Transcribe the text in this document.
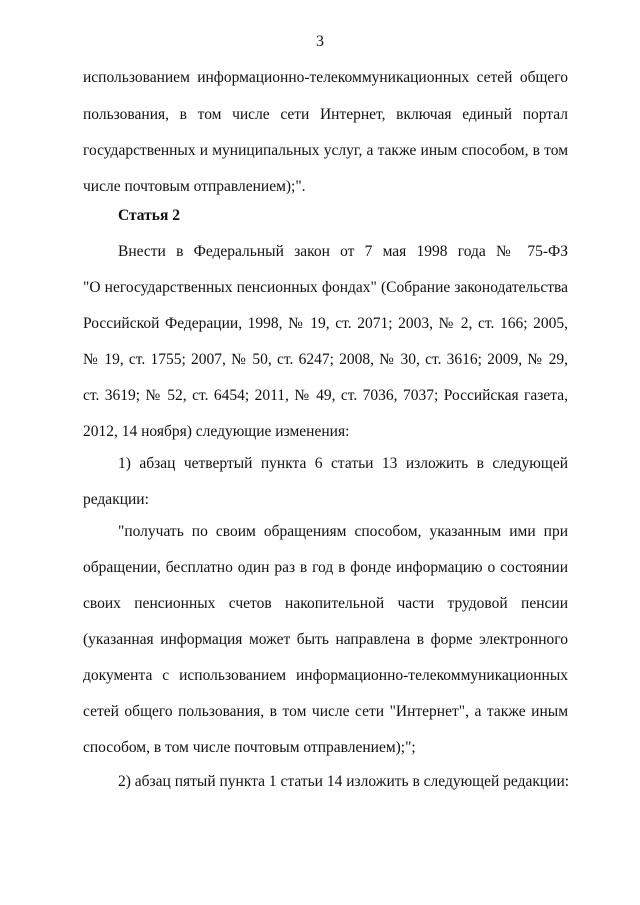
3
использованием информационно-телекоммуникационных сетей общего
пользования, в том числе сети Интернет, включая единый портал
государственных и муниципальных услуг, а также иным способом, в том
числе почтовым отправлением);".
Статья 2
Внести в Федеральный закон от 7 мая 1998 года № 75-ФЗ
"О негосударственных пенсионных фондах" (Собрание законодательства
Российской Федерации, 1998, № 19, ст. 2071; 2003, № 2, ст. 166; 2005,
№ 19, ст. 1755; 2007, № 50, ст. 6247; 2008, № 30, ст. 3616; 2009, № 29,
ст. 3619; № 52, ст. 6454; 2011, № 49, ст. 7036, 7037; Российская газета,
2012, 14 ноября) следующие изменения:
1) абзац четвертый пункта 6 статьи 13 изложить в следующей
редакции:
"получать по своим обращениям способом, указанным ими при
обращении, бесплатно один раз в год в фонде информацию о состоянии
своих пенсионных счетов накопительной части трудовой пенсии
(указанная информация может быть направлена в форме электронного
документа с использованием информационно-телекоммуникационных
сетей общего пользования, в том числе сети "Интернет", а также иным
способом, в том числе почтовым отправлением);";
2) абзац пятый пункта 1 статьи 14 изложить в следующей редакции:
